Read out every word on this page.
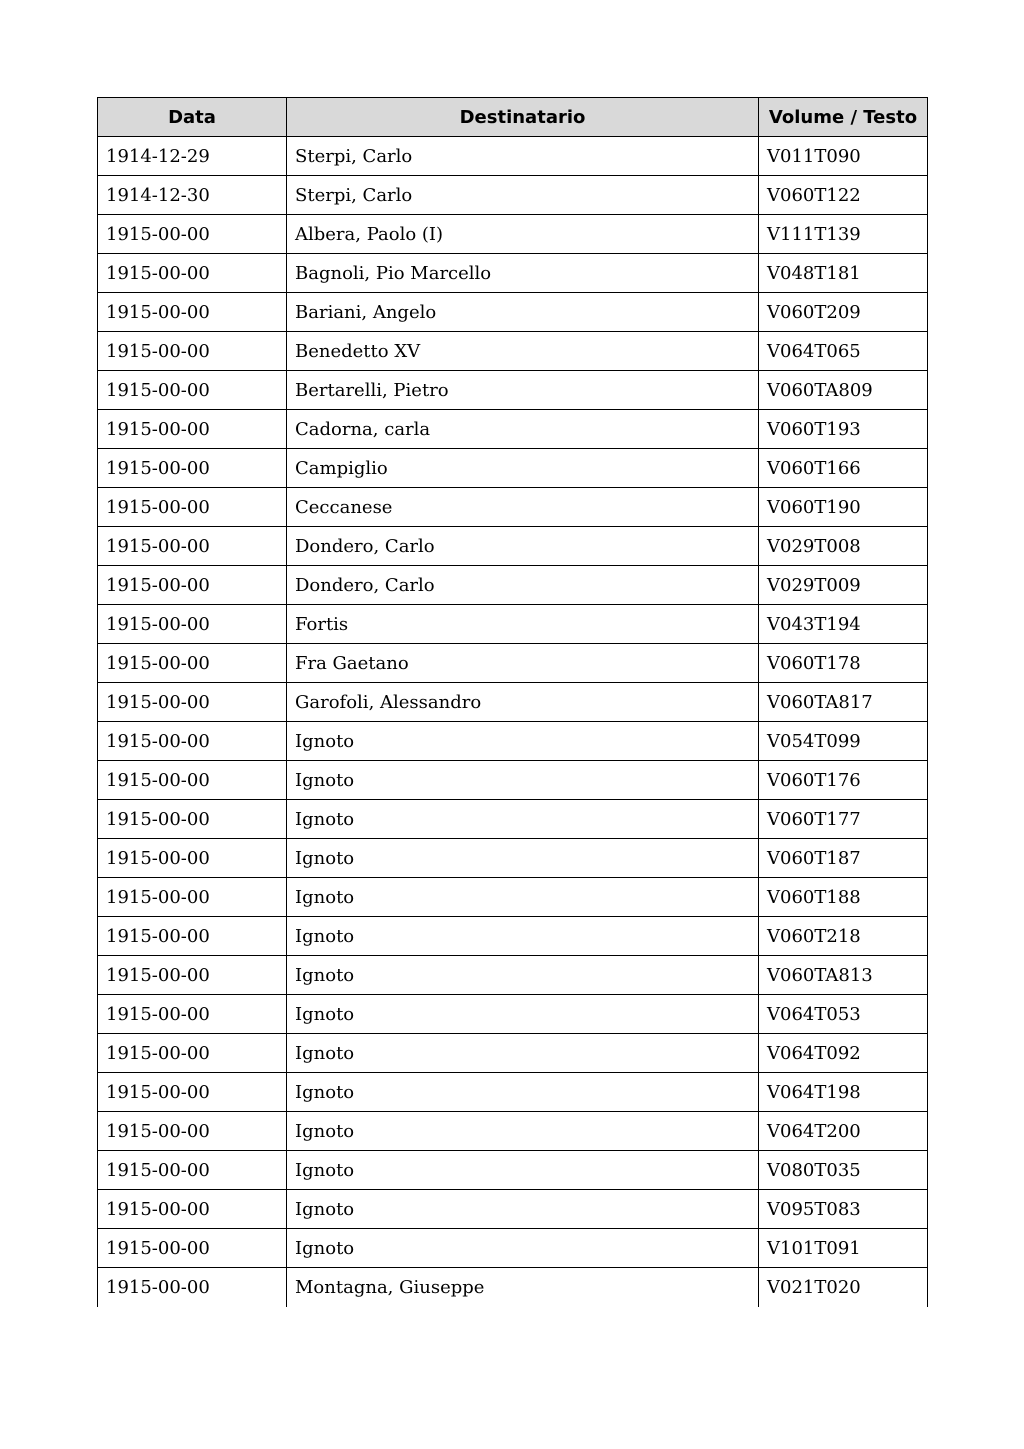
Data	Destinatario	Volume / Testo
1914-12-29	Sterpi, Carlo	V011T090
1914-12-30	Sterpi, Carlo	V060T122
1915-00-00	Albera, Paolo (I)	V111T139
1915-00-00	Bagnoli, Pio Marcello	V048T181
1915-00-00	Bariani, Angelo	V060T209
1915-00-00	Benedetto XV	V064T065
1915-00-00	Bertarelli, Pietro	V060TA809
1915-00-00	Cadorna, carla	V060T193
1915-00-00	Campiglio	V060T166
1915-00-00	Ceccanese	V060T190
1915-00-00	Dondero, Carlo	V029T008
1915-00-00	Dondero, Carlo	V029T009
1915-00-00	Fortis	V043T194
1915-00-00	Fra Gaetano	V060T178
1915-00-00	Garofoli, Alessandro	V060TA817
1915-00-00	Ignoto	V054T099
1915-00-00	Ignoto	V060T176
1915-00-00	Ignoto	V060T177
1915-00-00	Ignoto	V060T187
1915-00-00	Ignoto	V060T188
1915-00-00	Ignoto	V060T218
1915-00-00	Ignoto	V060TA813
1915-00-00	Ignoto	V064T053
1915-00-00	Ignoto	V064T092
1915-00-00	Ignoto	V064T198
1915-00-00	Ignoto	V064T200
1915-00-00	Ignoto	V080T035
1915-00-00	Ignoto	V095T083
1915-00-00	Ignoto	V101T091
1915-00-00	Montagna, Giuseppe	V021T020
